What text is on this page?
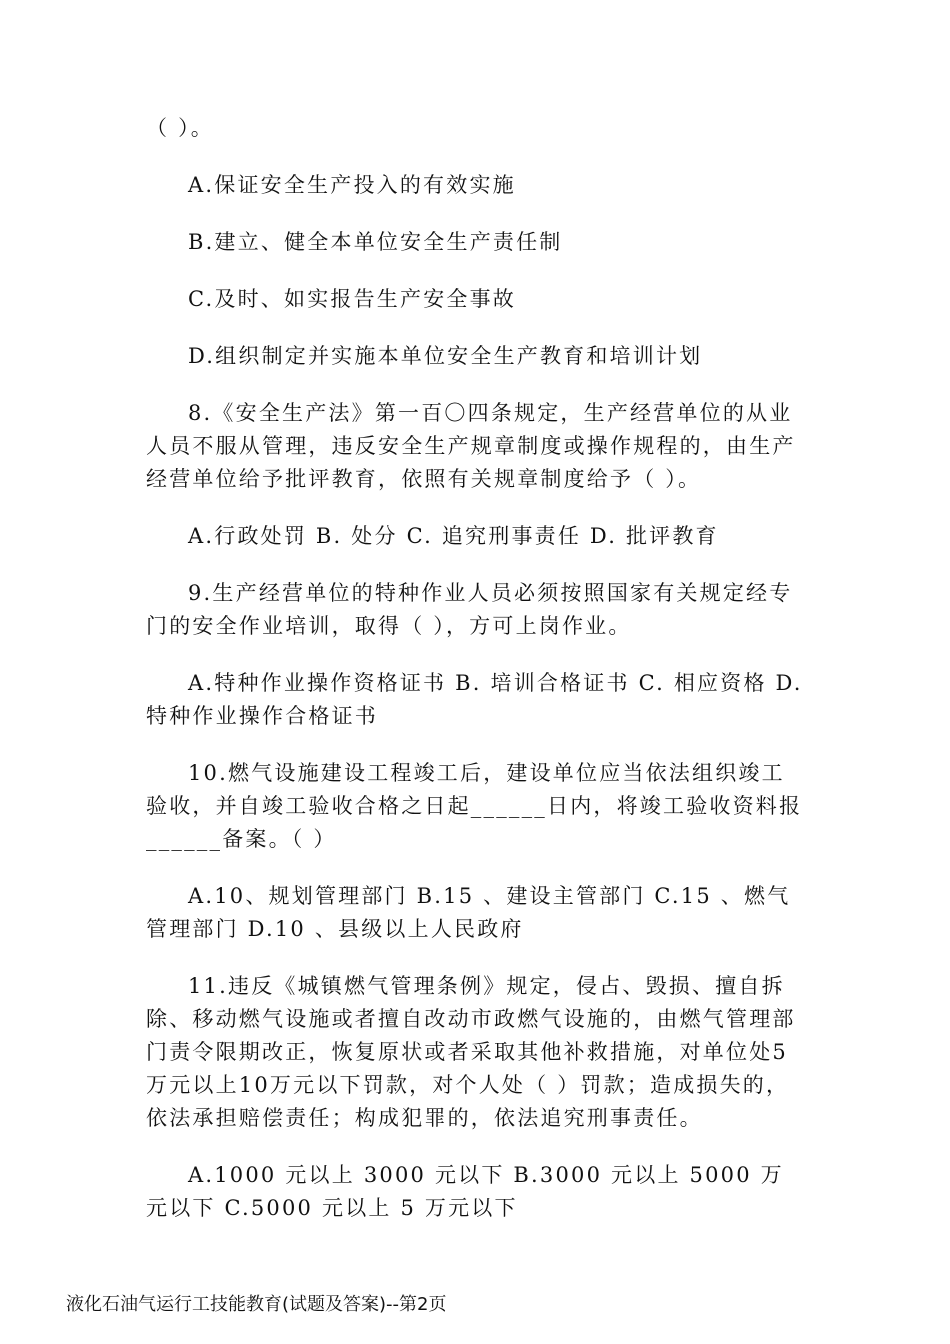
（ ）。

A.保证安全生产投入的有效实施

B.建立、健全本单位安全生产责任制

C.及时、如实报告生产安全事故

D.组织制定并实施本单位安全生产教育和培训计划

8.《安全生产法》第一百〇四条规定，生产经营单位的从业人员不服从管理，违反安全生产规章制度或操作规程的，由生产经营单位给予批评教育，依照有关规章制度给予（ ）。

A.行政处罚 B. 处分 C. 追究刑事责任 D. 批评教育

9.生产经营单位的特种作业人员必须按照国家有关规定经专门的安全作业培训，取得（ ），方可上岗作业。

A.特种作业操作资格证书 B. 培训合格证书 C. 相应资格 D. 特种作业操作合格证书

10.燃气设施建设工程竣工后，建设单位应当依法组织竣工验收，并自竣工验收合格之日起______日内，将竣工验收资料报______备案。（ ）

A.10、规划管理部门 B.15 、建设主管部门 C.15 、燃气管理部门 D.10 、县级以上人民政府

11.违反《城镇燃气管理条例》规定，侵占、毁损、擅自拆除、移动燃气设施或者擅自改动市政燃气设施的，由燃气管理部门责令限期改正，恢复原状或者采取其他补救措施，对单位处5万元以上10万元以下罚款，对个人处（ ）罚款；造成损失的，依法承担赔偿责任；构成犯罪的，依法追究刑事责任。

A.1000 元以上 3000 元以下 B.3000 元以上 5000 万元以下 C.5000 元以上 5 万元以下

液化石油气运行工技能教育(试题及答案)--第2页
